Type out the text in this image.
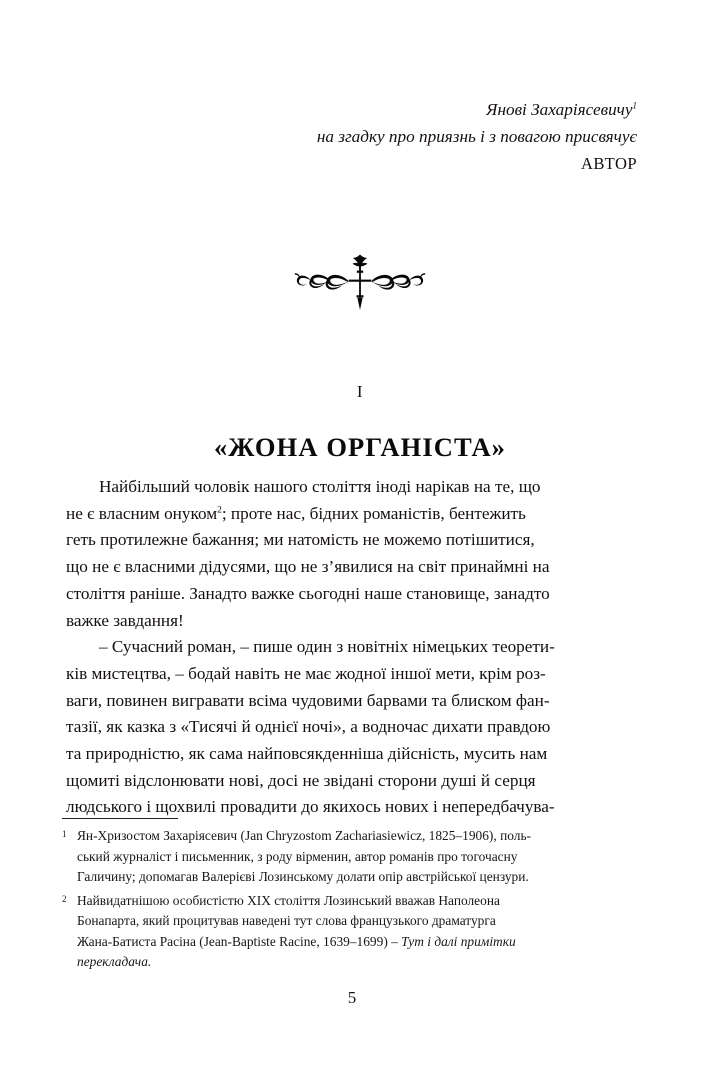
Янові Захаріясевичу$^1$
на згадку про приязнь і з повагою присвячує
АВТОР
I
«ЖОНА ОРГАНІСТА»

Найбільший чоловік нашого століття іноді нарікав на те, що
не є власним онуком$^2$; проте нас, бідних романістів, бентежить
геть протилежне бажання; ми натомість не можемо потішитися,
що не є власними дідусями, що не з’явилися на світ принаймні на
століття раніше. Занадто важке сьогодні наше становище, занадто
важке завдання!

– Сучасний роман, – пише один з новітніх німецьких теорети-
ків мистецтва, – бодай навіть не має жодної іншої мети, крім роз-
ваги, повинен вигравати всіма чудовими барвами та блиском фан-
тазії, як казка з «Тисячі й однієї ночі», а водночас дихати правдою
та природністю, як сама найповсякденніша дійсність, мусить нам
щомиті відслонювати нові, досі не звідані сторони душі й серця
людського і щохвилі провадити до якихось нових і непередбачува-

1 Ян-Хризостом Захаріясевич (Jan Chryzostom Zachariasiewicz, 1825–1906), поль-
ський журналіст і письменник, з роду вірменин, автор романів про тогочасну
Галичину; допомагав Валерієві Лозинському долати опір австрійської цензури.
2 Найвидатнішою особистістю XIX століття Лозинський вважав Наполеона
Бонапарта, який процитував наведені тут слова французького драматурга
Жана-Батиста Расіна (Jean-Baptiste Racine, 1639–1699) – Тут і далі примітки
перекладача.
5
